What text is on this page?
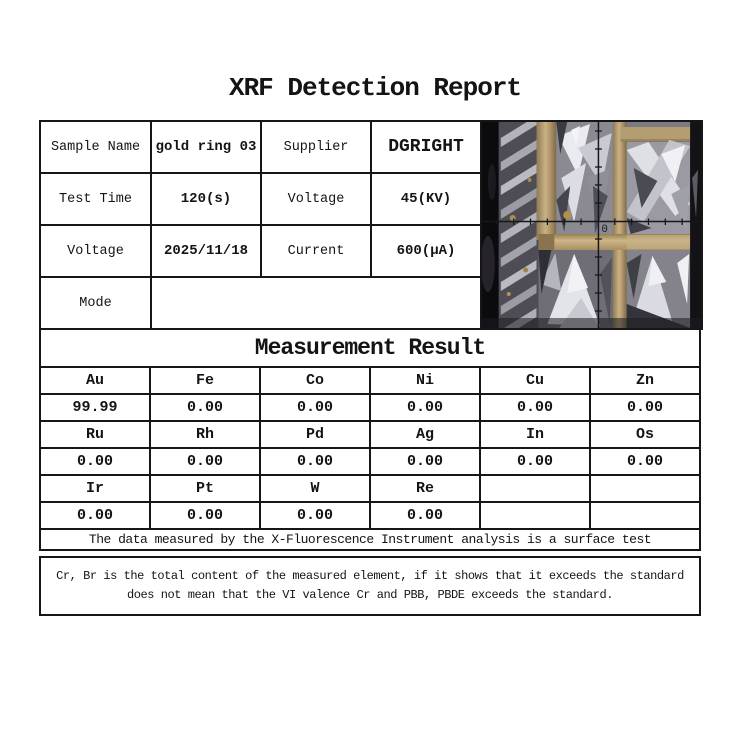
XRF Detection Report
Sample Name	gold ring 03	Supplier	DGRIGHT	0

Test Time	120(s)	Voltage	45(KV)	
Voltage	2025/11/18	Current	600(μA)	
Mode				
Measurement Result					
Au	Fe	Co	Ni	Cu	Zn
99.99	0.00	0.00	0.00	0.00	0.00
Ru	Rh	Pd	Ag	In	Os
0.00	0.00	0.00	0.00	0.00	0.00
Ir	Pt	W	Re		
0.00	0.00	0.00	0.00		
The data measured by the X-Fluorescence Instrument analysis is a surface test					
Cr, Br is the total content of the measured element, if it shows that it exceeds the standard
does not mean that the VI valence Cr and PBB, PBDE exceeds the standard.
